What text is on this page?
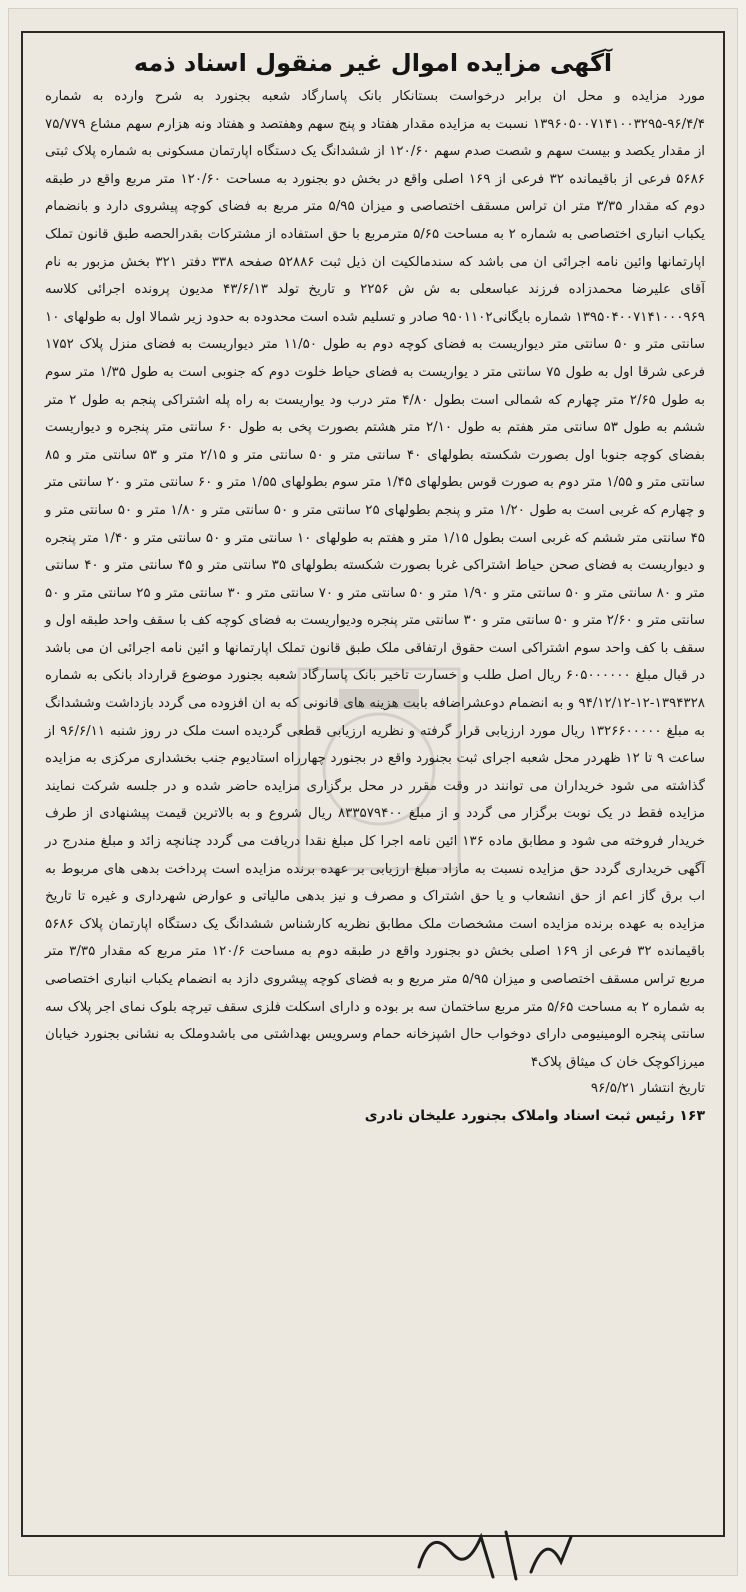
آگهی مزایده اموال غیر منقول اسناد ذمه
مورد مزایده و محل ان برابر درخواست بستانکار بانک پاسارگاد شعبه بجنورد به شرح وارده به شماره ۹۶/۴/۴-۱۳۹۶۰۵۰۰۷۱۴۱۰۰۳۲۹۵ نسبت به مزایده مقدار هفتاد و پنج سهم وهفتصد و هفتاد ونه هزارم سهم مشاع ۷۵/۷۷۹ از مقدار یکصد و بیست سهم و شصت صدم سهم ۱۲۰/۶۰ از ششدانگ یک دستگاه اپارتمان مسکونی به شماره پلاک ثبتی ۵۶۸۶ فرعی از باقیمانده ۳۲ فرعی از ۱۶۹ اصلی واقع در بخش دو بجنورد به مساحت ۱۲۰/۶۰ متر مربع واقع در طبقه دوم که مقدار ۳/۳۵ متر ان تراس مسقف اختصاصی و میزان ۵/۹۵ متر مربع به فضای کوچه پیشروی دارد و بانضمام یکباب انباری اختصاصی به شماره ۲ به مساحت ۵/۶۵ مترمربع با حق استفاده از مشترکات بقدرالحصه طبق قانون تملک اپارتمانها وائین نامه اجرائی ان می باشد که سندمالکیت ان ذیل ثبت ۵۲۸۸۶ صفحه ۳۳۸ دفتر ۳۲۱ بخش مزبور به نام آقای علیرضا محمدزاده فرزند عباسعلی به ش ش ۲۲۵۶ و تاریخ تولد ۴۳/۶/۱۳ مدیون پرونده اجرائی کلاسه ۱۳۹۵۰۴۰۰۷۱۴۱۰۰۰۹۶۹ شماره بایگانی۹۵۰۱۱۰۲ صادر و تسلیم شده است محدوده به حدود زیر شمالا اول به طولهای ۱۰ سانتی متر و ۵۰ سانتی متر دیواریست به فضای کوچه دوم به طول ۱۱/۵۰ متر دیواریست به فضای منزل پلاک ۱۷۵۲ فرعی شرقا اول به طول ۷۵ سانتی متر د یواریست به فضای حیاط خلوت دوم که جنوبی است به طول ۱/۳۵ متر سوم به طول ۲/۶۵ متر چهارم که شمالی است بطول ۴/۸۰ متر درب ود یواریست به راه پله اشتراکی پنجم به طول ۲ متر ششم به طول ۵۳ سانتی متر هفتم به طول ۲/۱۰ متر هشتم بصورت پخی به طول ۶۰ سانتی متر پنجره و دیواریست بفضای کوچه جنوبا اول بصورت شکسته بطولهای ۴۰ سانتی متر و ۵۰ سانتی متر و ۲/۱۵ متر و ۵۳ سانتی متر و ۸۵ سانتی متر و ۱/۵۵ متر دوم به صورت قوس بطولهای ۱/۴۵ متر سوم بطولهای ۱/۵۵ متر و ۶۰ سانتی متر و ۲۰ سانتی متر و چهارم که غربی است به طول ۱/۲۰ متر و پنجم بطولهای ۲۵ سانتی متر و ۵۰ سانتی متر و ۱/۸۰ متر و ۵۰ سانتی متر و ۴۵ سانتی متر ششم که غربی است بطول ۱/۱۵ متر و هفتم به طولهای ۱۰ سانتی متر و ۵۰ سانتی متر و ۱/۴۰ متر پنجره و دیواریست به فضای صحن حیاط اشتراکی غربا بصورت شکسته بطولهای ۳۵ سانتی متر و ۴۵ سانتی متر و ۴۰ سانتی متر و ۸۰ سانتی متر و ۵۰ سانتی متر و ۱/۹۰ متر و ۵۰ سانتی متر و ۷۰ سانتی متر و ۳۰ سانتی متر و ۲۵ سانتی متر و ۵۰ سانتی متر و ۲/۶۰ متر و ۵۰ سانتی متر و ۳۰ سانتی متر پنجره ودیواریست به فضای کوچه کف با سقف واحد طبقه اول و سقف با کف واحد سوم اشتراکی است حقوق ارتفاقی ملک طبق قانون تملک اپارتمانها و ائین نامه اجرائی ان می باشد در قبال مبلغ ۶۰۵۰۰۰۰۰۰ ریال اصل طلب و خسارت تاخیر بانک پاسارگاد شعبه بجنورد موضوع قرارداد بانکی به شماره ۱۳۹۴۳۲۸-۱۲-۹۴/۱۲/۱۲ و به انضمام دوعشراضافه بابت هزینه های قانونی که به ان افزوده می گردد بازداشت وششدانگ به مبلغ ۱۳۲۶۶۰۰۰۰۰ ریال مورد ارزیابی قرار گرفته و نظریه ارزیابی قطعی گردیده است ملک در روز شنبه ۹۶/۶/۱۱ از ساعت ۹ تا ۱۲ ظهردر محل شعبه اجرای ثبت بجنورد واقع در بجنورد چهارراه استادیوم جنب بخشداری مرکزی به مزایده گذاشته می شود خریداران می توانند در وقت مقرر در محل برگزاری مزایده حاضر شده و در جلسه شرکت نمایند مزایده فقط در یک نوبت برگزار می گردد و از مبلغ ۸۳۳۵۷۹۴۰۰ ریال شروع و به بالاترین قیمت پیشنهادی از طرف خریدار فروخته می شود و مطابق ماده ۱۳۶ ائین نامه اجرا کل مبلغ نقدا دریافت می گردد چنانچه زائد و مبلغ مندرج در آگهی خریداری گردد حق مزایده نسبت به مازاد مبلغ ارزیابی بر عهده برنده مزایده است پرداخت بدهی های مربوط به اب برق گاز اعم از حق انشعاب و یا حق اشتراک و مصرف و نیز بدهی مالیاتی و عوارض شهرداری و غیره تا تاریخ مزایده به عهده برنده مزایده است مشخصات ملک مطابق نظریه کارشناس ششدانگ یک دستگاه اپارتمان پلاک ۵۶۸۶ باقیمانده ۳۲ فرعی از ۱۶۹ اصلی بخش دو بجنورد واقع در طبقه دوم به مساحت ۱۲۰/۶ متر مربع که مقدار ۳/۳۵ متر مربع تراس مسقف اختصاصی و میزان ۵/۹۵ متر مربع و به فضای کوچه پیشروی دازد به انضمام یکباب انباری اختصاصی به شماره ۲ به مساحت ۵/۶۵ متر مربع ساختمان سه بر بوده و دارای اسکلت فلزی سقف تیرچه بلوک نمای اجر پلاک سه سانتی پنجره الومینیومی دارای دوخواب حال اشپزخانه حمام وسرویس بهداشتی می باشدوملک به نشانی بجنورد خیابان میرزاکوچک خان ک میثاق پلاک۴
تاریخ انتشار ۹۶/۵/۲۱
۱۶۳ رئیس ثبت اسناد واملاک بجنورد علیخان نادری
